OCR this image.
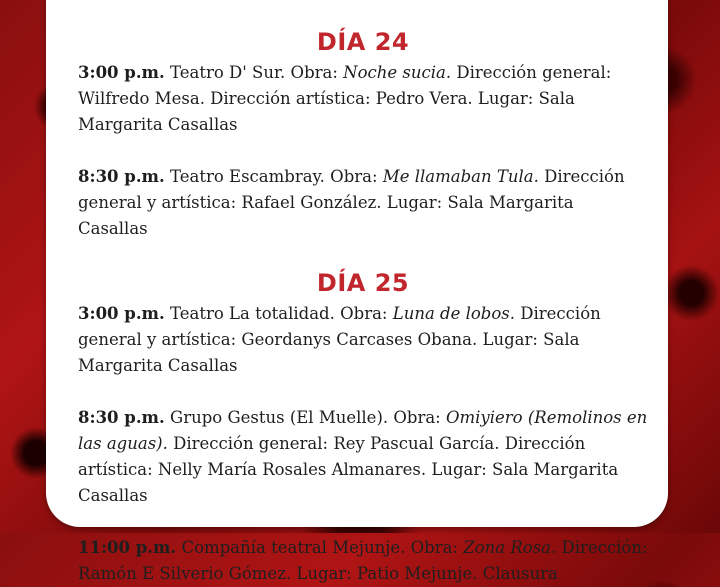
DÍA 24

3:00 p.m. Teatro D' Sur. Obra: Noche sucia. Dirección general: Wilfredo Mesa. Dirección artística: Pedro Vera. Lugar: Sala Margarita Casallas

8:30 p.m. Teatro Escambray. Obra: Me llamaban Tula. Dirección general y artística: Rafael González. Lugar: Sala Margarita Casallas

DÍA 25

3:00 p.m. Teatro La totalidad. Obra: Luna de lobos. Dirección general y artística: Geordanys Carcases Obana. Lugar: Sala Margarita Casallas

8:30 p.m. Grupo Gestus (El Muelle). Obra: Omiyiero (Remolinos en las aguas). Dirección general: Rey Pascual García. Dirección artística: Nelly María Rosales Almanares. Lugar: Sala Margarita Casallas

11:00 p.m. Compañía teatral Mejunje. Obra: Zona Rosa. Dirección: Ramón E Silverio Gómez. Lugar: Patio Mejunje. Clausura
